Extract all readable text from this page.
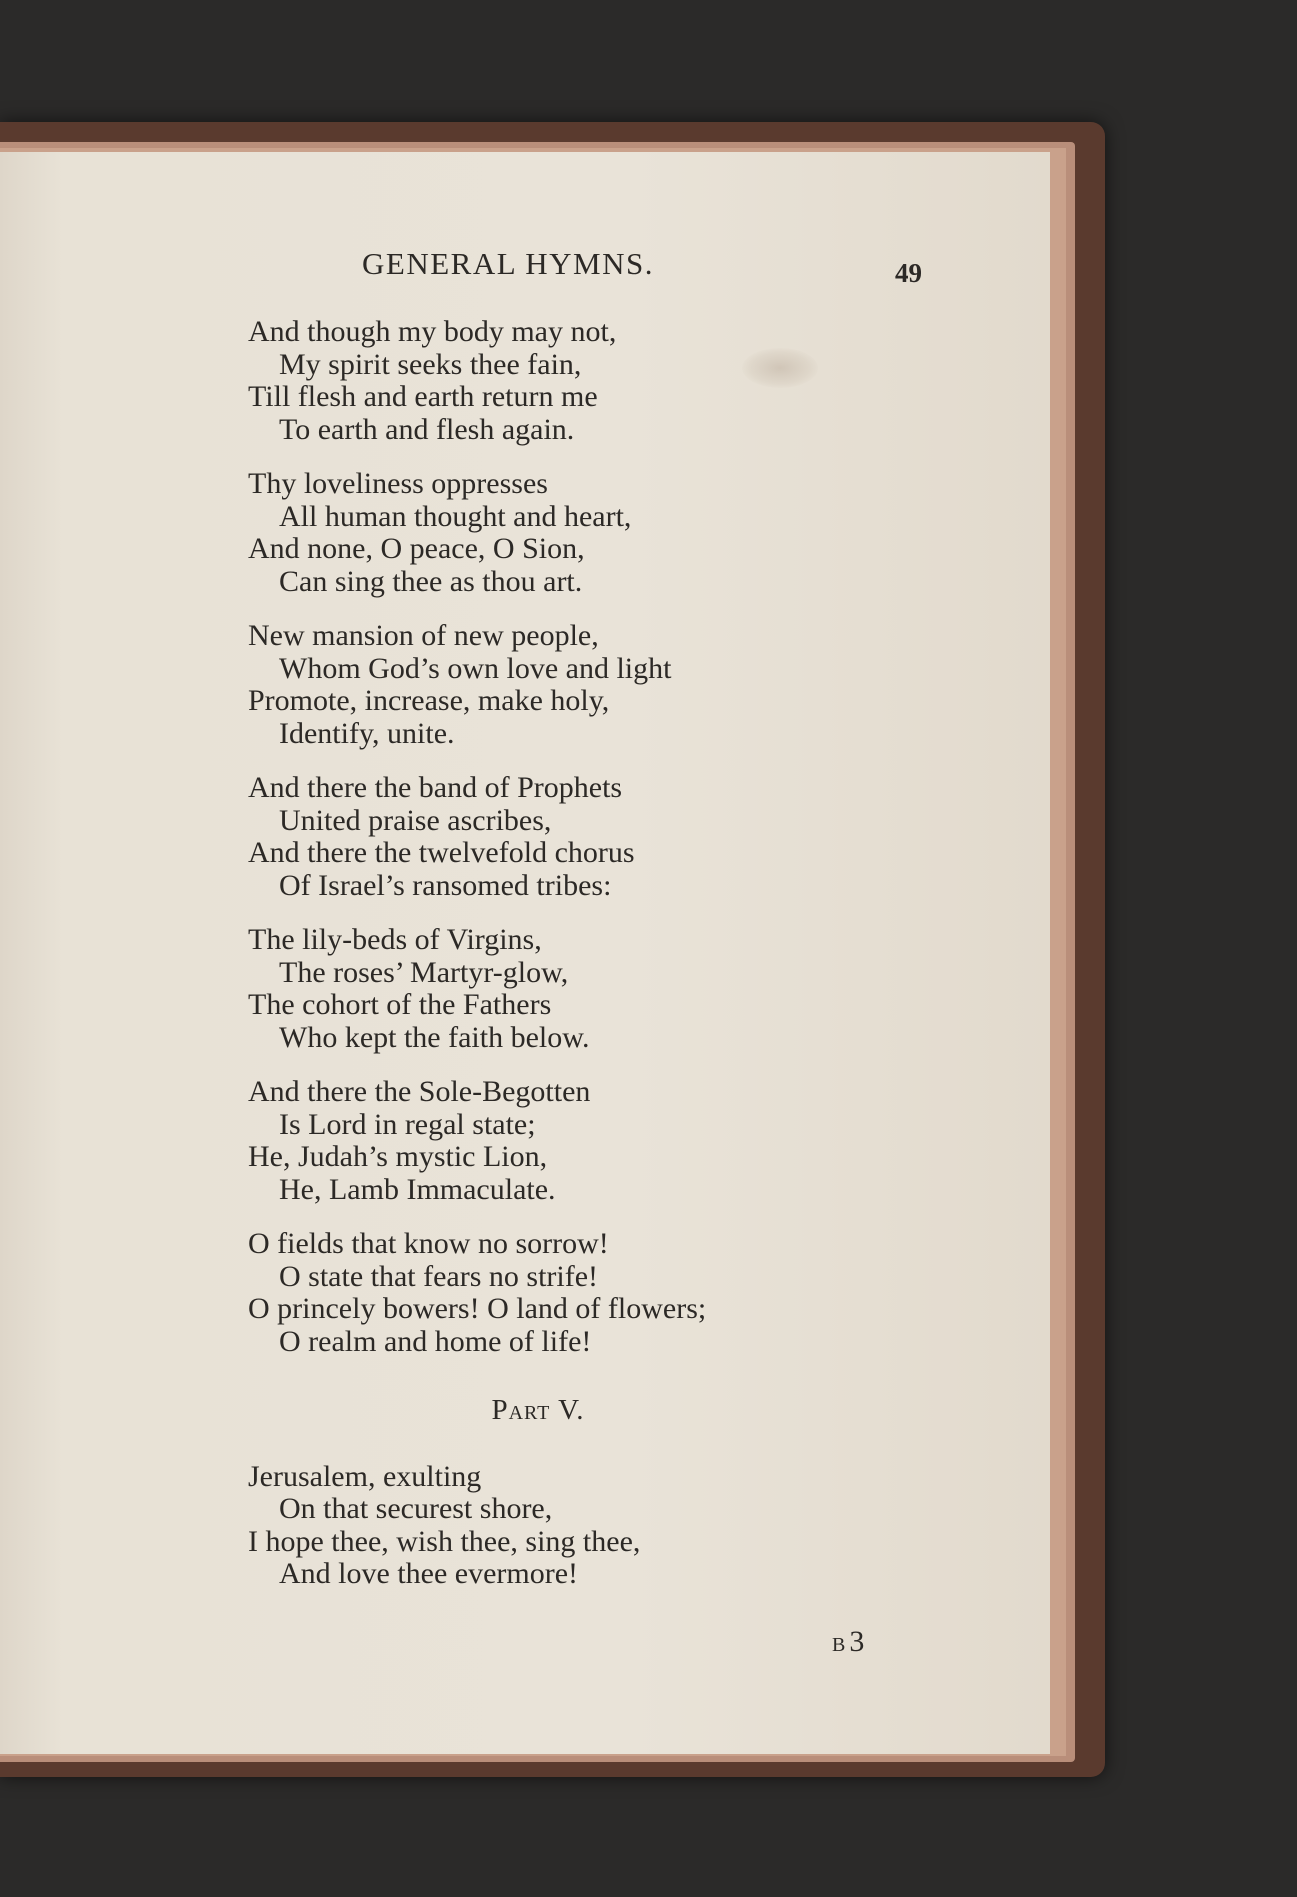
GENERAL HYMNS.	49
And though my body may not,
My spirit seeks thee fain,
Till flesh and earth return me
To earth and flesh again.
Thy loveliness oppresses
All human thought and heart,
And none, O peace, O Sion,
Can sing thee as thou art.
New mansion of new people,
Whom God’s own love and light
Promote, increase, make holy,
Identify, unite.
And there the band of Prophets
United praise ascribes,
And there the twelvefold chorus
Of Israel’s ransomed tribes:
The lily-beds of Virgins,
The roses’ Martyr-glow,
The cohort of the Fathers
Who kept the faith below.
And there the Sole-Begotten
Is Lord in regal state;
He, Judah’s mystic Lion,
He, Lamb Immaculate.
O fields that know no sorrow!
O state that fears no strife!
O princely bowers! O land of flowers;
O realm and home of life!
Part V.
Jerusalem, exulting
On that securest shore,
I hope thee, wish thee, sing thee,
And love thee evermore!
B 3
